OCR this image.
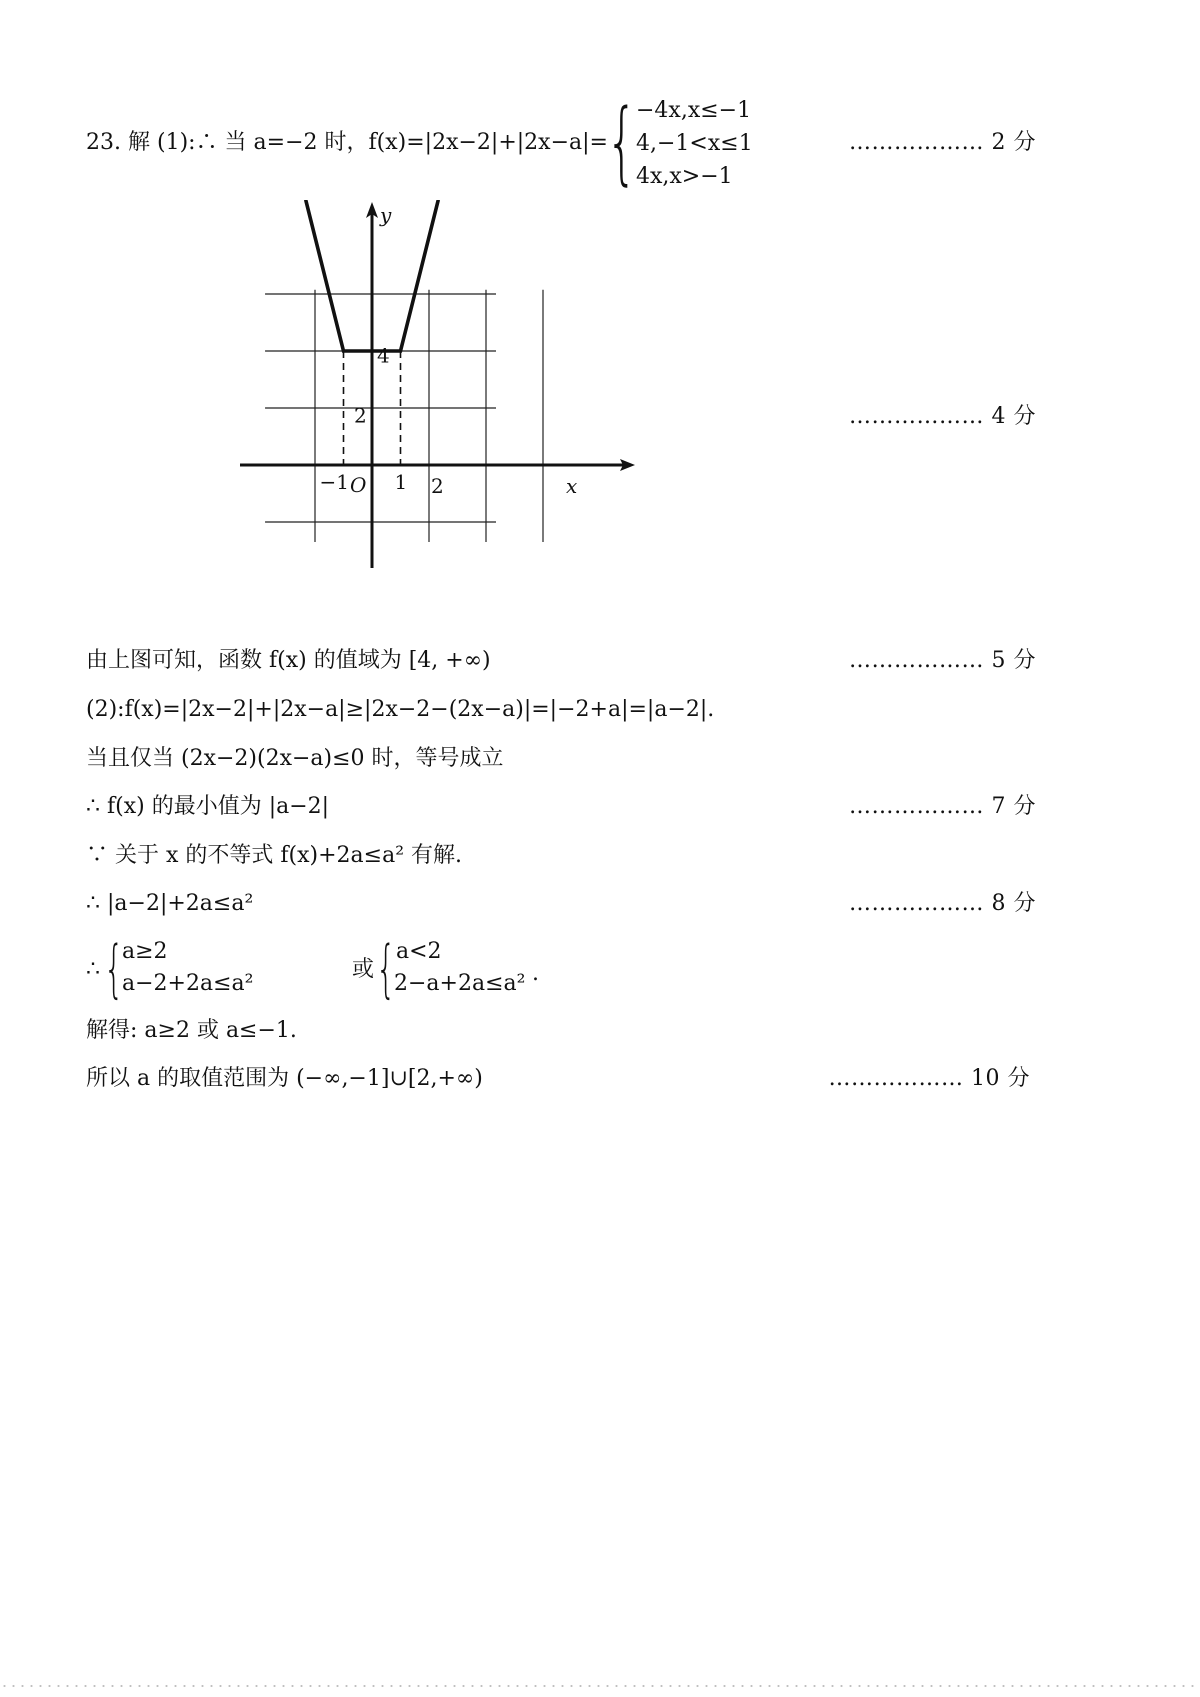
23. 解 (1):∴ 当 a=−2 时，f(x)=|2x−2|+|2x−a|=	……………… 2 分
{
−4x,x≤−1
4,−1<x≤1
4x,x>−1
y
x
O
−1 1 2
2
4
……………… 4 分
由上图可知，函数 f(x) 的值域为 [4, +∞)	……………… 5 分
(2):f(x)=|2x−2|+|2x−a|≥|2x−2−(2x−a)|=|−2+a|=|a−2|.
当且仅当 (2x−2)(2x−a)≤0 时，等号成立
∴ f(x) 的最小值为 |a−2|	……………… 7 分
∵ 关于 x 的不等式 f(x)+2a≤a² 有解.
∴ |a−2|+2a≤a²	……………… 8 分
∴ {
a≥2
a−2+2a≤a²
或 { a<2
2−a+2a≤a² .
解得: a≥2 或 a≤−1.
所以 a 的取值范围为 (−∞,−1]∪[2,+∞)	……………… 10 分
